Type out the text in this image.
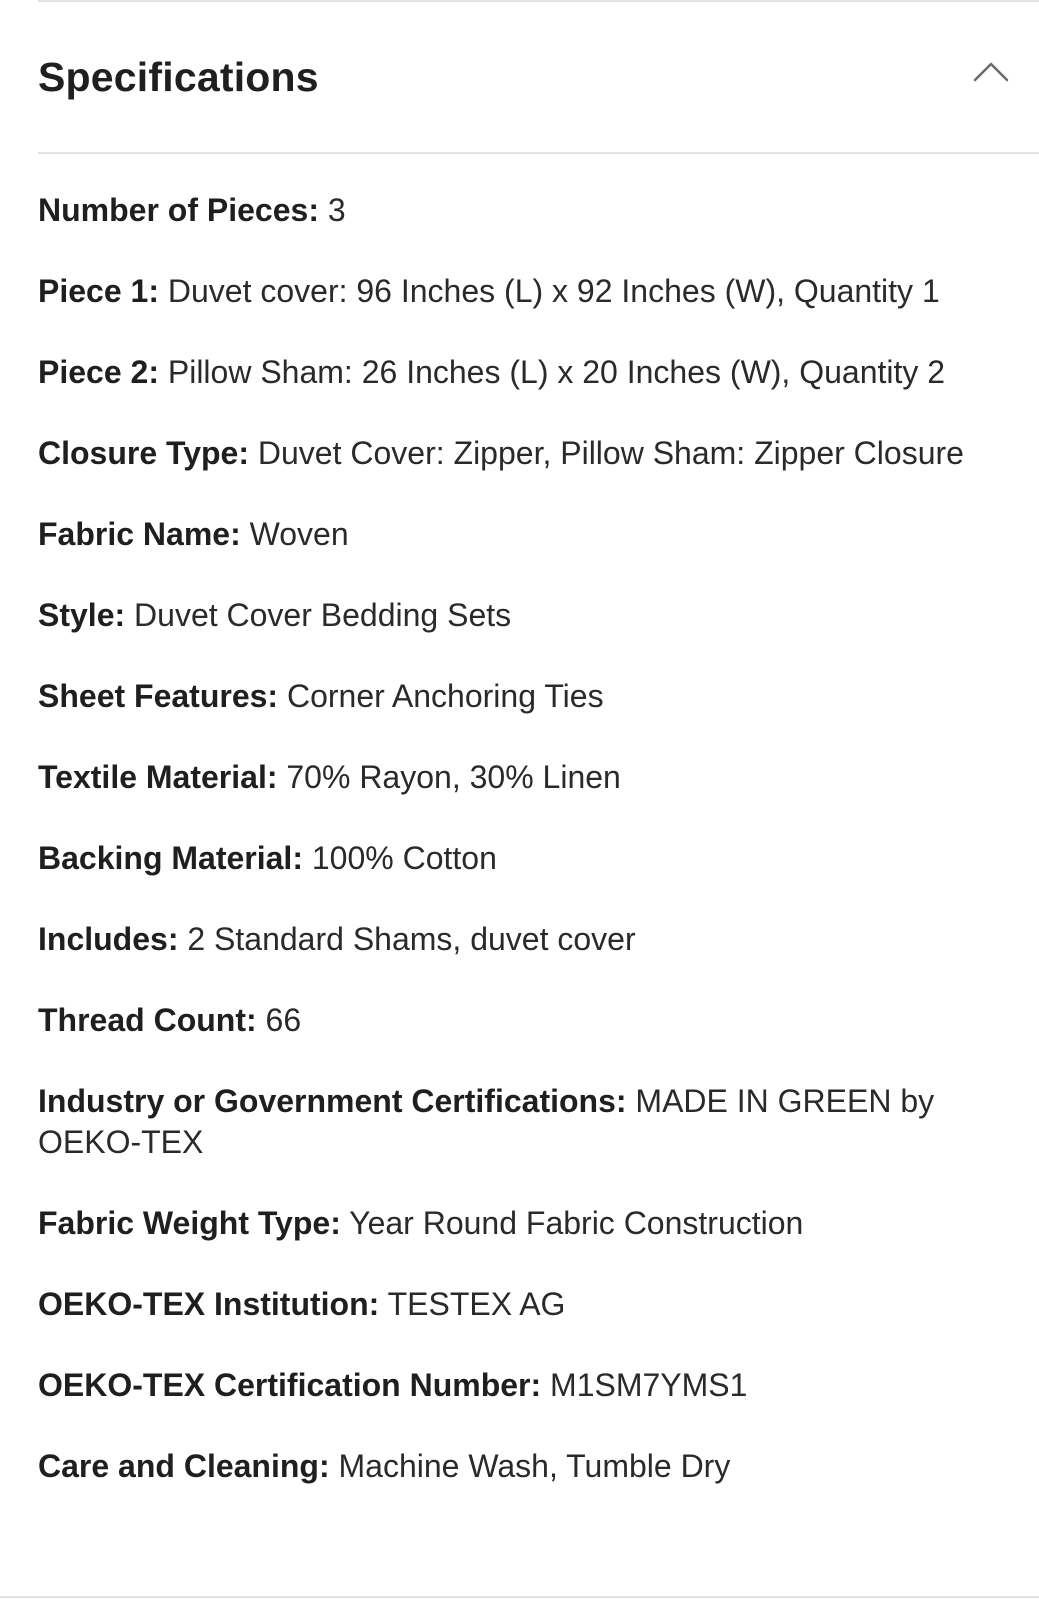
Specifications
Number of Pieces: 3
Piece 1: Duvet cover: 96 Inches (L) x 92 Inches (W), Quantity 1
Piece 2: Pillow Sham: 26 Inches (L) x 20 Inches (W), Quantity 2
Closure Type: Duvet Cover: Zipper, Pillow Sham: Zipper Closure
Fabric Name: Woven
Style: Duvet Cover Bedding Sets
Sheet Features: Corner Anchoring Ties
Textile Material: 70% Rayon, 30% Linen
Backing Material: 100% Cotton
Includes: 2 Standard Shams, duvet cover
Thread Count: 66
Industry or Government Certifications: MADE IN GREEN by OEKO-TEX
Fabric Weight Type: Year Round Fabric Construction
OEKO-TEX Institution: TESTEX AG
OEKO-TEX Certification Number: M1SM7YMS1
Care and Cleaning: Machine Wash, Tumble Dry
